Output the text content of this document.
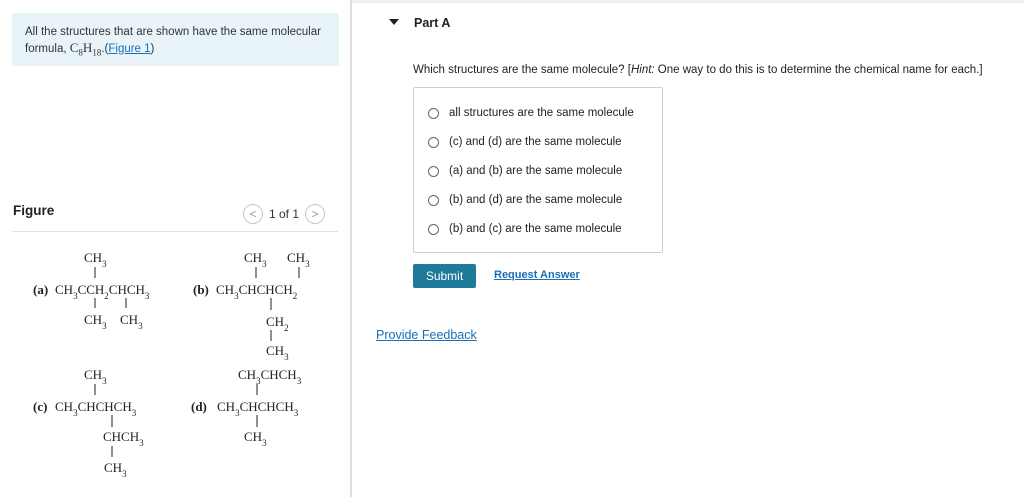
All the structures that are shown have the same molecular formula, $C_8H_{18}.(Figure$ 1)
Figure	<	1 of 1	>
$CH_3$
(a) $CH_3CCH_2CHCH_3$
$CH_3$ $CH_3$
$CH_3$ $CH_3$
(b) $CH_3CHCHCH_2$
$CH_2$
$CH_3$
$CH_3$
(c) $CH_3CHCHCH_3$
$CHCH_3$
$CH_3$
$CH_3CHCH_3$
(d) $CH_3CHCHCH_3$
$CH_3$
Part A
Which structures are the same molecule? [Hint: One way to do this is to determine the chemical name for each.]
all structures are the same molecule
(c) and (d) are the same molecule
(a) and (b) are the same molecule
(b) and (d) are the same molecule
(b) and (c) are the same molecule
Submit	Request Answer
Provide Feedback
